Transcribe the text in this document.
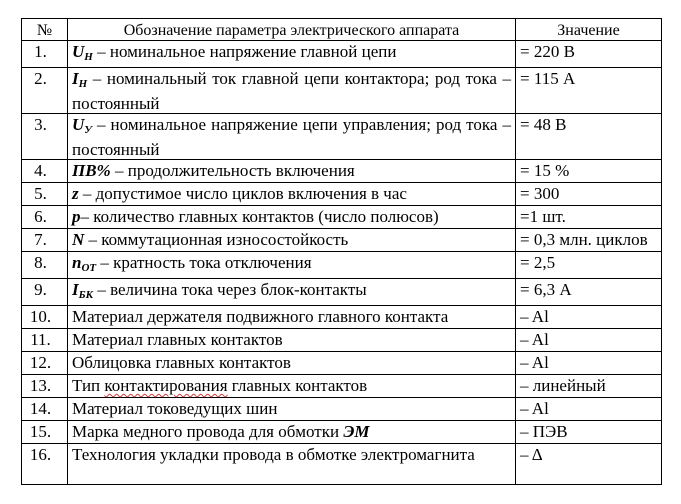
№	Обозначение параметра электрического аппарата	Значение
1.	$U_Н$ – номинальное напряжение главной цепи	= 220 В
2.	$I_Н$ – номинальный ток главной цепи контактора; род тока – постоянный	= 115 А
3.	$U_У$ – номинальное напряжение цепи управления; род тока – постоянный	= 48 В
4.	ПВ% – продолжительность включения	= 15 %
5.	z – допустимое число циклов включения в час	= 300
6.	p– количество главных контактов (число полюсов)	=1 шт.
7.	N – коммутационная износостойкость	= 0,3 млн. циклов
8.	$n_{ОТ}$ – кратность тока отключения	= 2,5
9.	$I_{БК}$ – величина тока через блок-контакты	= 6,3 А
10.	Материал держателя подвижного главного контакта	– Al
11.	Материал главных контактов	– Al
12.	Облицовка главных контактов	– Al
13.	Тип контактирования главных контактов	– линейный
14.	Материал токоведущих шин	– Al
15.	Марка медного провода для обмотки ЭМ	– ПЭВ
16.	Технология укладки провода в обмотке электромагнита	– Δ
